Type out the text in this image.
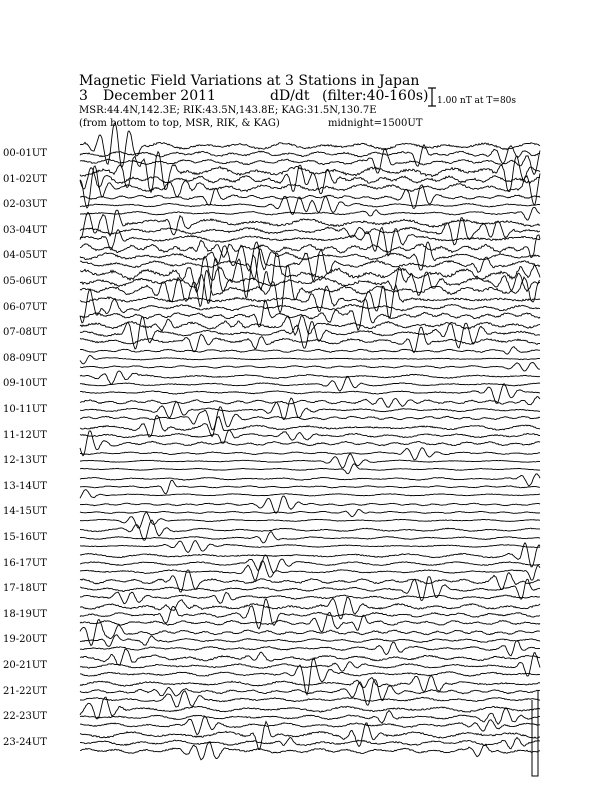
Magnetic Field Variations at 3 Stations in Japan
3 December 2011	dD/dt (filter:40-160s)
MSR:44.4N,142.3E; RIK:43.5N,143.8E; KAG:31.5N,130.7E
(from bottom to top, MSR, RIK, & KAG)	midnight=1500UT
1.00 nT at T=80s
00-01UT
01-02UT
02-03UT
03-04UT
04-05UT
05-06UT
06-07UT
07-08UT
08-09UT
09-10UT
10-11UT
11-12UT
12-13UT
13-14UT
14-15UT
15-16UT
16-17UT
17-18UT
18-19UT
19-20UT
20-21UT
21-22UT
22-23UT
23-24UT
